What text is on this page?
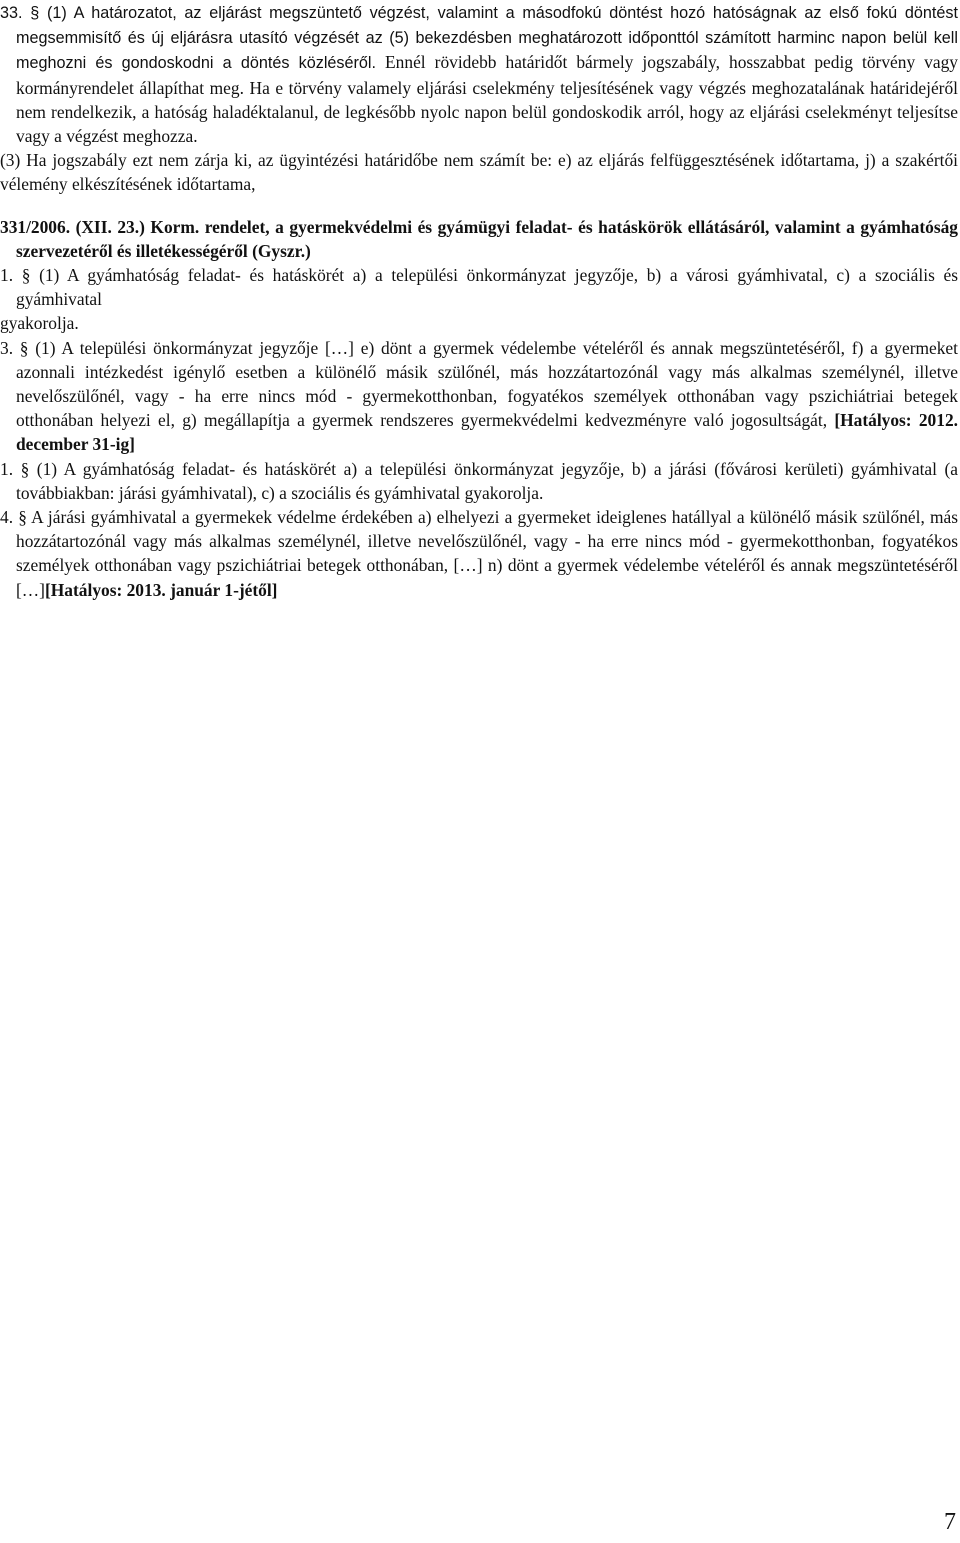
33. § (1) A határozatot, az eljárást megszüntető végzést, valamint a másodfokú döntést hozó hatóságnak az első fokú döntést megsemmisítő és új eljárásra utasító végzését az (5) bekezdésben meghatározott időponttól számított harminc napon belül kell meghozni és gondoskodni a döntés közléséről. Ennél rövidebb határidőt bármely jogszabály, hosszabbat pedig törvény vagy kormányrendelet állapíthat meg. Ha e törvény valamely eljárási cselekmény teljesítésének vagy végzés meghozatalának határidejéről nem rendelkezik, a hatóság haladéktalanul, de legkésőbb nyolc napon belül gondoskodik arról, hogy az eljárási cselekményt teljesítse vagy a végzést meghozza.

(3) Ha jogszabály ezt nem zárja ki, az ügyintézési határidőbe nem számít be: e) az eljárás felfüggesztésének időtartama, j) a szakértői vélemény elkészítésének időtartama,

331/2006. (XII. 23.) Korm. rendelet, a gyermekvédelmi és gyámügyi feladat- és hatáskörök ellátásáról, valamint a gyámhatóság szervezetéről és illetékességéről (Gyszr.)

1. § (1) A gyámhatóság feladat- és hatáskörét a) a települési önkormányzat jegyzője, b) a városi gyámhivatal, c) a szociális és gyámhivatal

gyakorolja.

3. § (1) A települési önkormányzat jegyzője […] e) dönt a gyermek védelembe vételéről és annak megszüntetéséről, f) a gyermeket azonnali intézkedést igénylő esetben a különélő másik szülőnél, más hozzátartozónál vagy más alkalmas személynél, illetve nevelőszülőnél, vagy - ha erre nincs mód - gyermekotthonban, fogyatékos személyek otthonában vagy pszichiátriai betegek otthonában helyezi el, g) megállapítja a gyermek rendszeres gyermekvédelmi kedvezményre való jogosultságát, [Hatályos: 2012. december 31-ig]

1. § (1) A gyámhatóság feladat- és hatáskörét a) a települési önkormányzat jegyzője, b) a járási (fővárosi kerületi) gyámhivatal (a továbbiakban: járási gyámhivatal), c) a szociális és gyámhivatal gyakorolja.

4. § A járási gyámhivatal a gyermekek védelme érdekében a) elhelyezi a gyermeket ideiglenes hatállyal a különélő másik szülőnél, más hozzátartozónál vagy más alkalmas személynél, illetve nevelőszülőnél, vagy - ha erre nincs mód - gyermekotthonban, fogyatékos személyek otthonában vagy pszichiátriai betegek otthonában, […] n) dönt a gyermek védelembe vételéről és annak megszüntetéséről […][Hatályos: 2013. január 1-jétől]

7
